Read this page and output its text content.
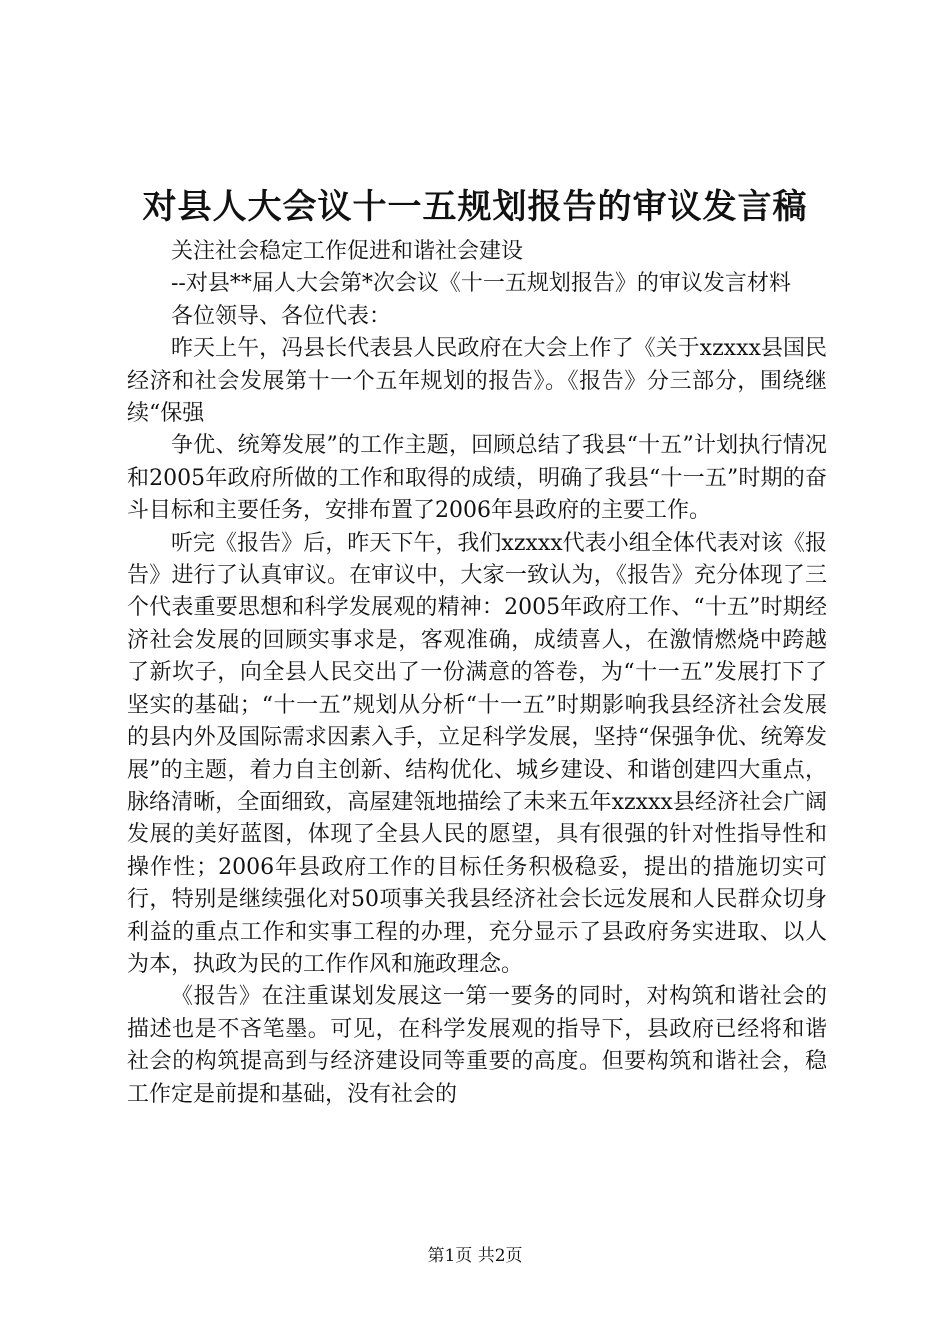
对县人大会议十一五规划报告的审议发言稿

关注社会稳定工作促进和谐社会建设

--对县**届人大会第*次会议《十一五规划报告》的审议发言材料

各位领导、各位代表：

昨天上午，冯县长代表县人民政府在大会上作了《关于xzxxx县国民经济和社会发展第十一个五年规划的报告》。《报告》分三部分，围绕继续“保强

争优、统筹发展”的工作主题，回顾总结了我县“十五”计划执行情况和2005年政府所做的工作和取得的成绩，明确了我县“十一五”时期的奋斗目标和主要任务，安排布置了2006年县政府的主要工作。

听完《报告》后，昨天下午，我们xzxxx代表小组全体代表对该《报告》进行了认真审议。在审议中，大家一致认为，《报告》充分体现了三个代表重要思想和科学发展观的精神：2005年政府工作、“十五”时期经济社会发展的回顾实事求是，客观准确，成绩喜人，在激情燃烧中跨越了新坎子，向全县人民交出了一份满意的答卷，为“十一五”发展打下了坚实的基础；“十一五”规划从分析“十一五”时期影响我县经济社会发展的县内外及国际需求因素入手，立足科学发展，坚持“保强争优、统筹发展”的主题，着力自主创新、结构优化、城乡建设、和谐创建四大重点，脉络清晰，全面细致，高屋建瓴地描绘了未来五年xzxxx县经济社会广阔发展的美好蓝图，体现了全县人民的愿望，具有很强的针对性指导性和操作性；2006年县政府工作的目标任务积极稳妥，提出的措施切实可行，特别是继续强化对50项事关我县经济社会长远发展和人民群众切身利益的重点工作和实事工程的办理，充分显示了县政府务实进取、以人为本，执政为民的工作作风和施政理念。

《报告》在注重谋划发展这一第一要务的同时，对构筑和谐社会的描述也是不吝笔墨。可见，在科学发展观的指导下，县政府已经将和谐社会的构筑提高到与经济建设同等重要的高度。但要构筑和谐社会，稳工作定是前提和基础，没有社会的

第1页 共2页
